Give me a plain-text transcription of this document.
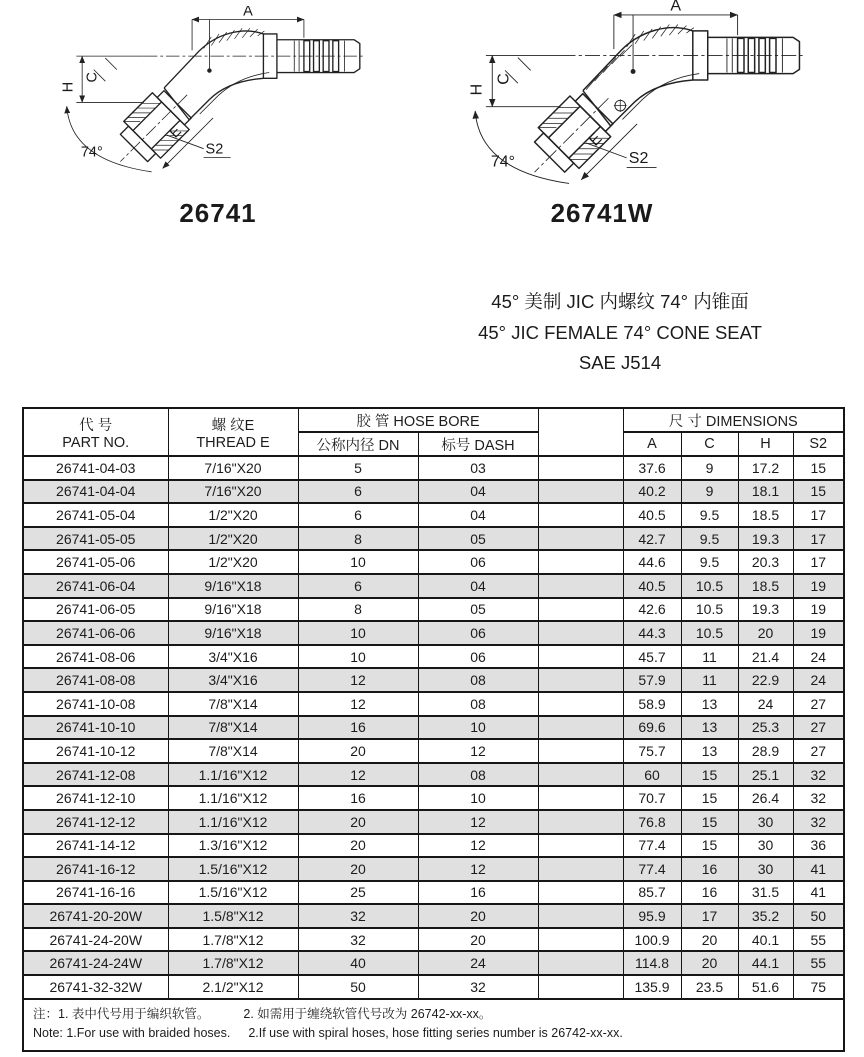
A
H
C
E
74°	S2
A
H
C
E
74°	S2
26741	26741W
45° 美制 JIC 内螺纹 74° 内锥面
45° JIC FEMALE 74° CONE SEAT
SAE J514
代 号
PART NO.

螺 纹E
THREAD E
	胶 管 HOSE BORE		尺 寸 DIMENSIONS
		公称内径 DN	标号 DASH		A	C	H	S2
26741-04-03	7/16"X20	5	03		37.6	9	17.2	15
26741-04-04	7/16"X20	6	04		40.2	9	18.1	15
26741-05-04	1/2"X20	6	04		40.5	9.5	18.5	17
26741-05-05	1/2"X20	8	05		42.7	9.5	19.3	17
26741-05-06	1/2"X20	10	06		44.6	9.5	20.3	17
26741-06-04	9/16"X18	6	04		40.5	10.5	18.5	19
26741-06-05	9/16"X18	8	05		42.6	10.5	19.3	19
26741-06-06	9/16"X18	10	06		44.3	10.5	20	19
26741-08-06	3/4"X16	10	06		45.7	11	21.4	24
26741-08-08	3/4"X16	12	08		57.9	11	22.9	24
26741-10-08	7/8"X14	12	08		58.9	13	24	27
26741-10-10	7/8"X14	16	10		69.6	13	25.3	27
26741-10-12	7/8"X14	20	12		75.7	13	28.9	27
26741-12-08	1.1/16"X12	12	08		60	15	25.1	32
26741-12-10	1.1/16"X12	16	10		70.7	15	26.4	32
26741-12-12	1.1/16"X12	20	12		76.8	15	30	32
26741-14-12	1.3/16"X12	20	12		77.4	15	30	36
26741-16-12	1.5/16"X12	20	12		77.4	16	30	41
26741-16-16	1.5/16"X12	25	16		85.7	16	31.5	41
26741-20-20W	1.5/8"X12	32	20		95.9	17	35.2	50
26741-24-20W	1.7/8"X12	32	20		100.9	20	40.1	55
26741-24-24W	1.7/8"X12	40	24		114.8	20	44.1	55
26741-32-32W	2.1/2"X12	50	32		135.9	23.5	51.6	75

注：1. 表中代号用于编织软管。 2. 如需用于缠绕软管代号改为 26742-xx-xx。
Note: 1.For use with braided hoses. 2.If use with spiral hoses, hose fitting series number is 26742-xx-xx.								
